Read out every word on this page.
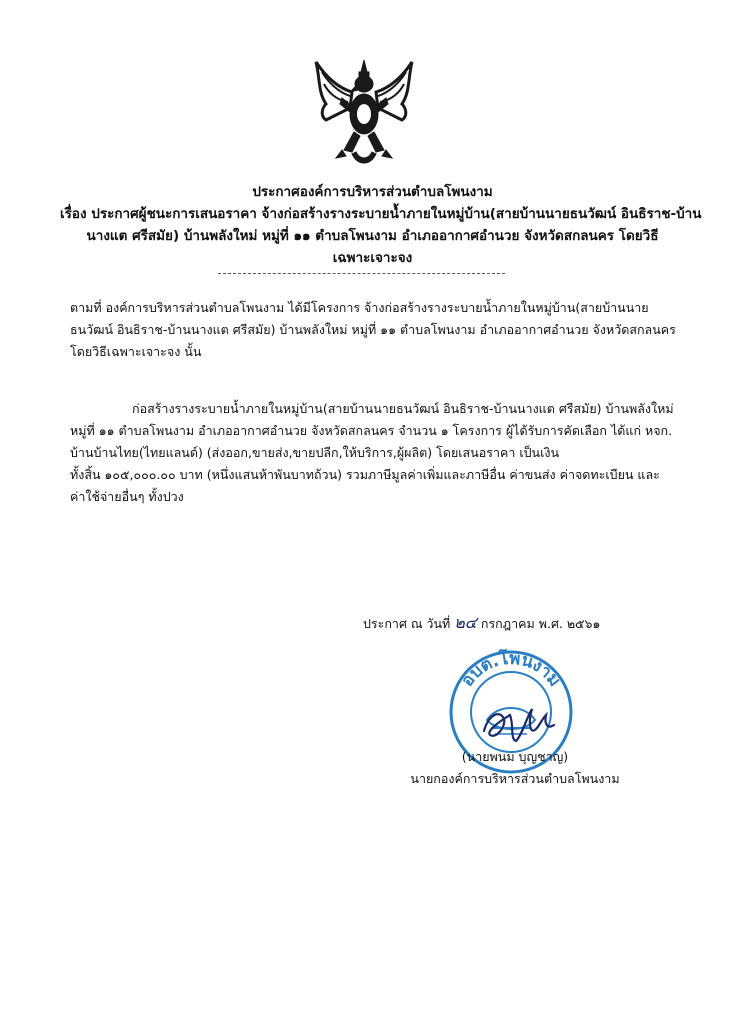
ประกาศองค์การบริหารส่วนตำบลโพนงาม
เรื่อง ประกาศผู้ชนะการเสนอราคา จ้างก่อสร้างรางระบายน้ำภายในหมู่บ้าน(สายบ้านนายธนวัฒน์ อินธิราช-บ้าน
นางแต ศรีสมัย) บ้านพลังใหม่ หมู่ที่ ๑๑ ตำบลโพนงาม อำเภออากาศอำนวย จังหวัดสกลนคร โดยวิธี
เฉพาะเจาะจง
ตามที่ องค์การบริหารส่วนตำบลโพนงาม ได้มีโครงการ จ้างก่อสร้างรางระบายน้ำภายในหมู่บ้าน(สายบ้านนาย
ธนวัฒน์ อินธิราช-บ้านนางแต ศรีสมัย) บ้านพลังใหม่ หมู่ที่ ๑๑ ตำบลโพนงาม อำเภออากาศอำนวย จังหวัดสกลนคร
โดยวิธีเฉพาะเจาะจง นั้น
ก่อสร้างรางระบายน้ำภายในหมู่บ้าน(สายบ้านนายธนวัฒน์ อินธิราช-บ้านนางแต ศรีสมัย) บ้านพลังใหม่
หมู่ที่ ๑๑ ตำบลโพนงาม อำเภออากาศอำนวย จังหวัดสกลนคร จำนวน ๑ โครงการ ผู้ได้รับการคัดเลือก ได้แก่ หจก.
บ้านบ้านไทย(ไทยแลนด์) (ส่งออก,ขายส่ง,ขายปลีก,ให้บริการ,ผู้ผลิต) โดยเสนอราคา เป็นเงิน
ทั้งสิ้น ๑๐๕,๐๐๐.๐๐ บาท (หนึ่งแสนห้าพันบาทถ้วน) รวมภาษีมูลค่าเพิ่มและภาษีอื่น ค่าขนส่ง ค่าจดทะเบียน และ
ค่าใช้จ่ายอื่นๆ ทั้งปวง
ประกาศ ณ วันที่ ๒๔ กรกฎาคม พ.ศ. ๒๕๖๑
อบต.โพนงาม
(นายพนม บุญชาญ)
นายกองค์การบริหารส่วนตำบลโพนงาม
